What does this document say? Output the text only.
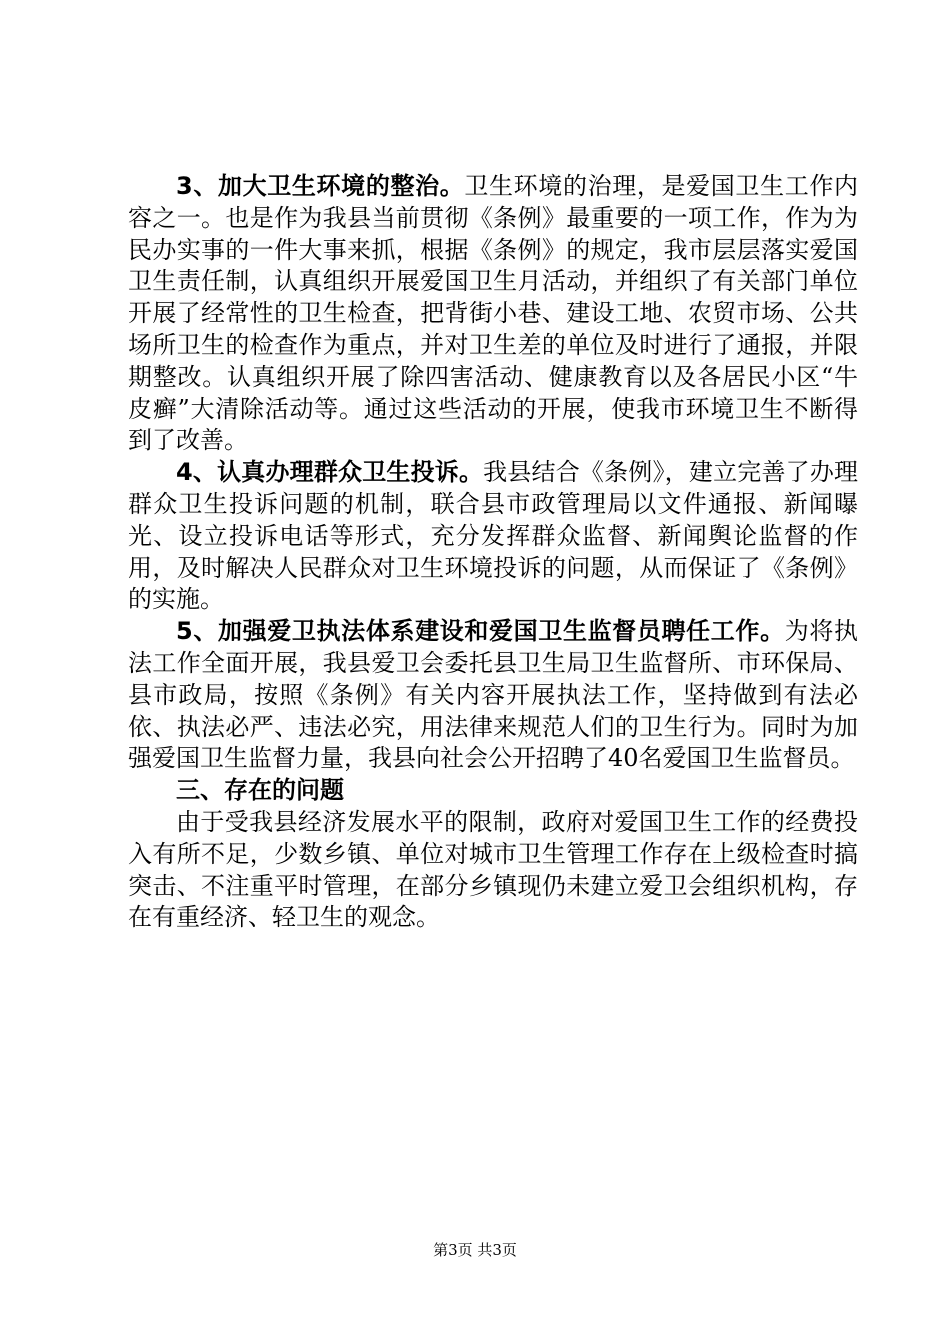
3、加大卫生环境的整治。卫生环境的治理，是爱国卫生工作内容之一。也是作为我县当前贯彻《条例》最重要的一项工作，作为为民办实事的一件大事来抓，根据《条例》的规定，我市层层落实爱国卫生责任制，认真组织开展爱国卫生月活动，并组织了有关部门单位开展了经常性的卫生检查，把背街小巷、建设工地、农贸市场、公共场所卫生的检查作为重点，并对卫生差的单位及时进行了通报，并限期整改。认真组织开展了除四害活动、健康教育以及各居民小区“牛皮癣”大清除活动等。通过这些活动的开展，使我市环境卫生不断得到了改善。

4、认真办理群众卫生投诉。我县结合《条例》，建立完善了办理群众卫生投诉问题的机制，联合县市政管理局以文件通报、新闻曝光、设立投诉电话等形式，充分发挥群众监督、新闻舆论监督的作用，及时解决人民群众对卫生环境投诉的问题，从而保证了《条例》的实施。

5、加强爱卫执法体系建设和爱国卫生监督员聘任工作。为将执法工作全面开展，我县爱卫会委托县卫生局卫生监督所、市环保局、县市政局，按照《条例》有关内容开展执法工作，坚持做到有法必依、执法必严、违法必究，用法律来规范人们的卫生行为。同时为加强爱国卫生监督力量，我县向社会公开招聘了40名爱国卫生监督员。

三、存在的问题

由于受我县经济发展水平的限制，政府对爱国卫生工作的经费投入有所不足，少数乡镇、单位对城市卫生管理工作存在上级检查时搞突击、不注重平时管理，在部分乡镇现仍未建立爱卫会组织机构，存在有重经济、轻卫生的观念。

第3页 共3页
